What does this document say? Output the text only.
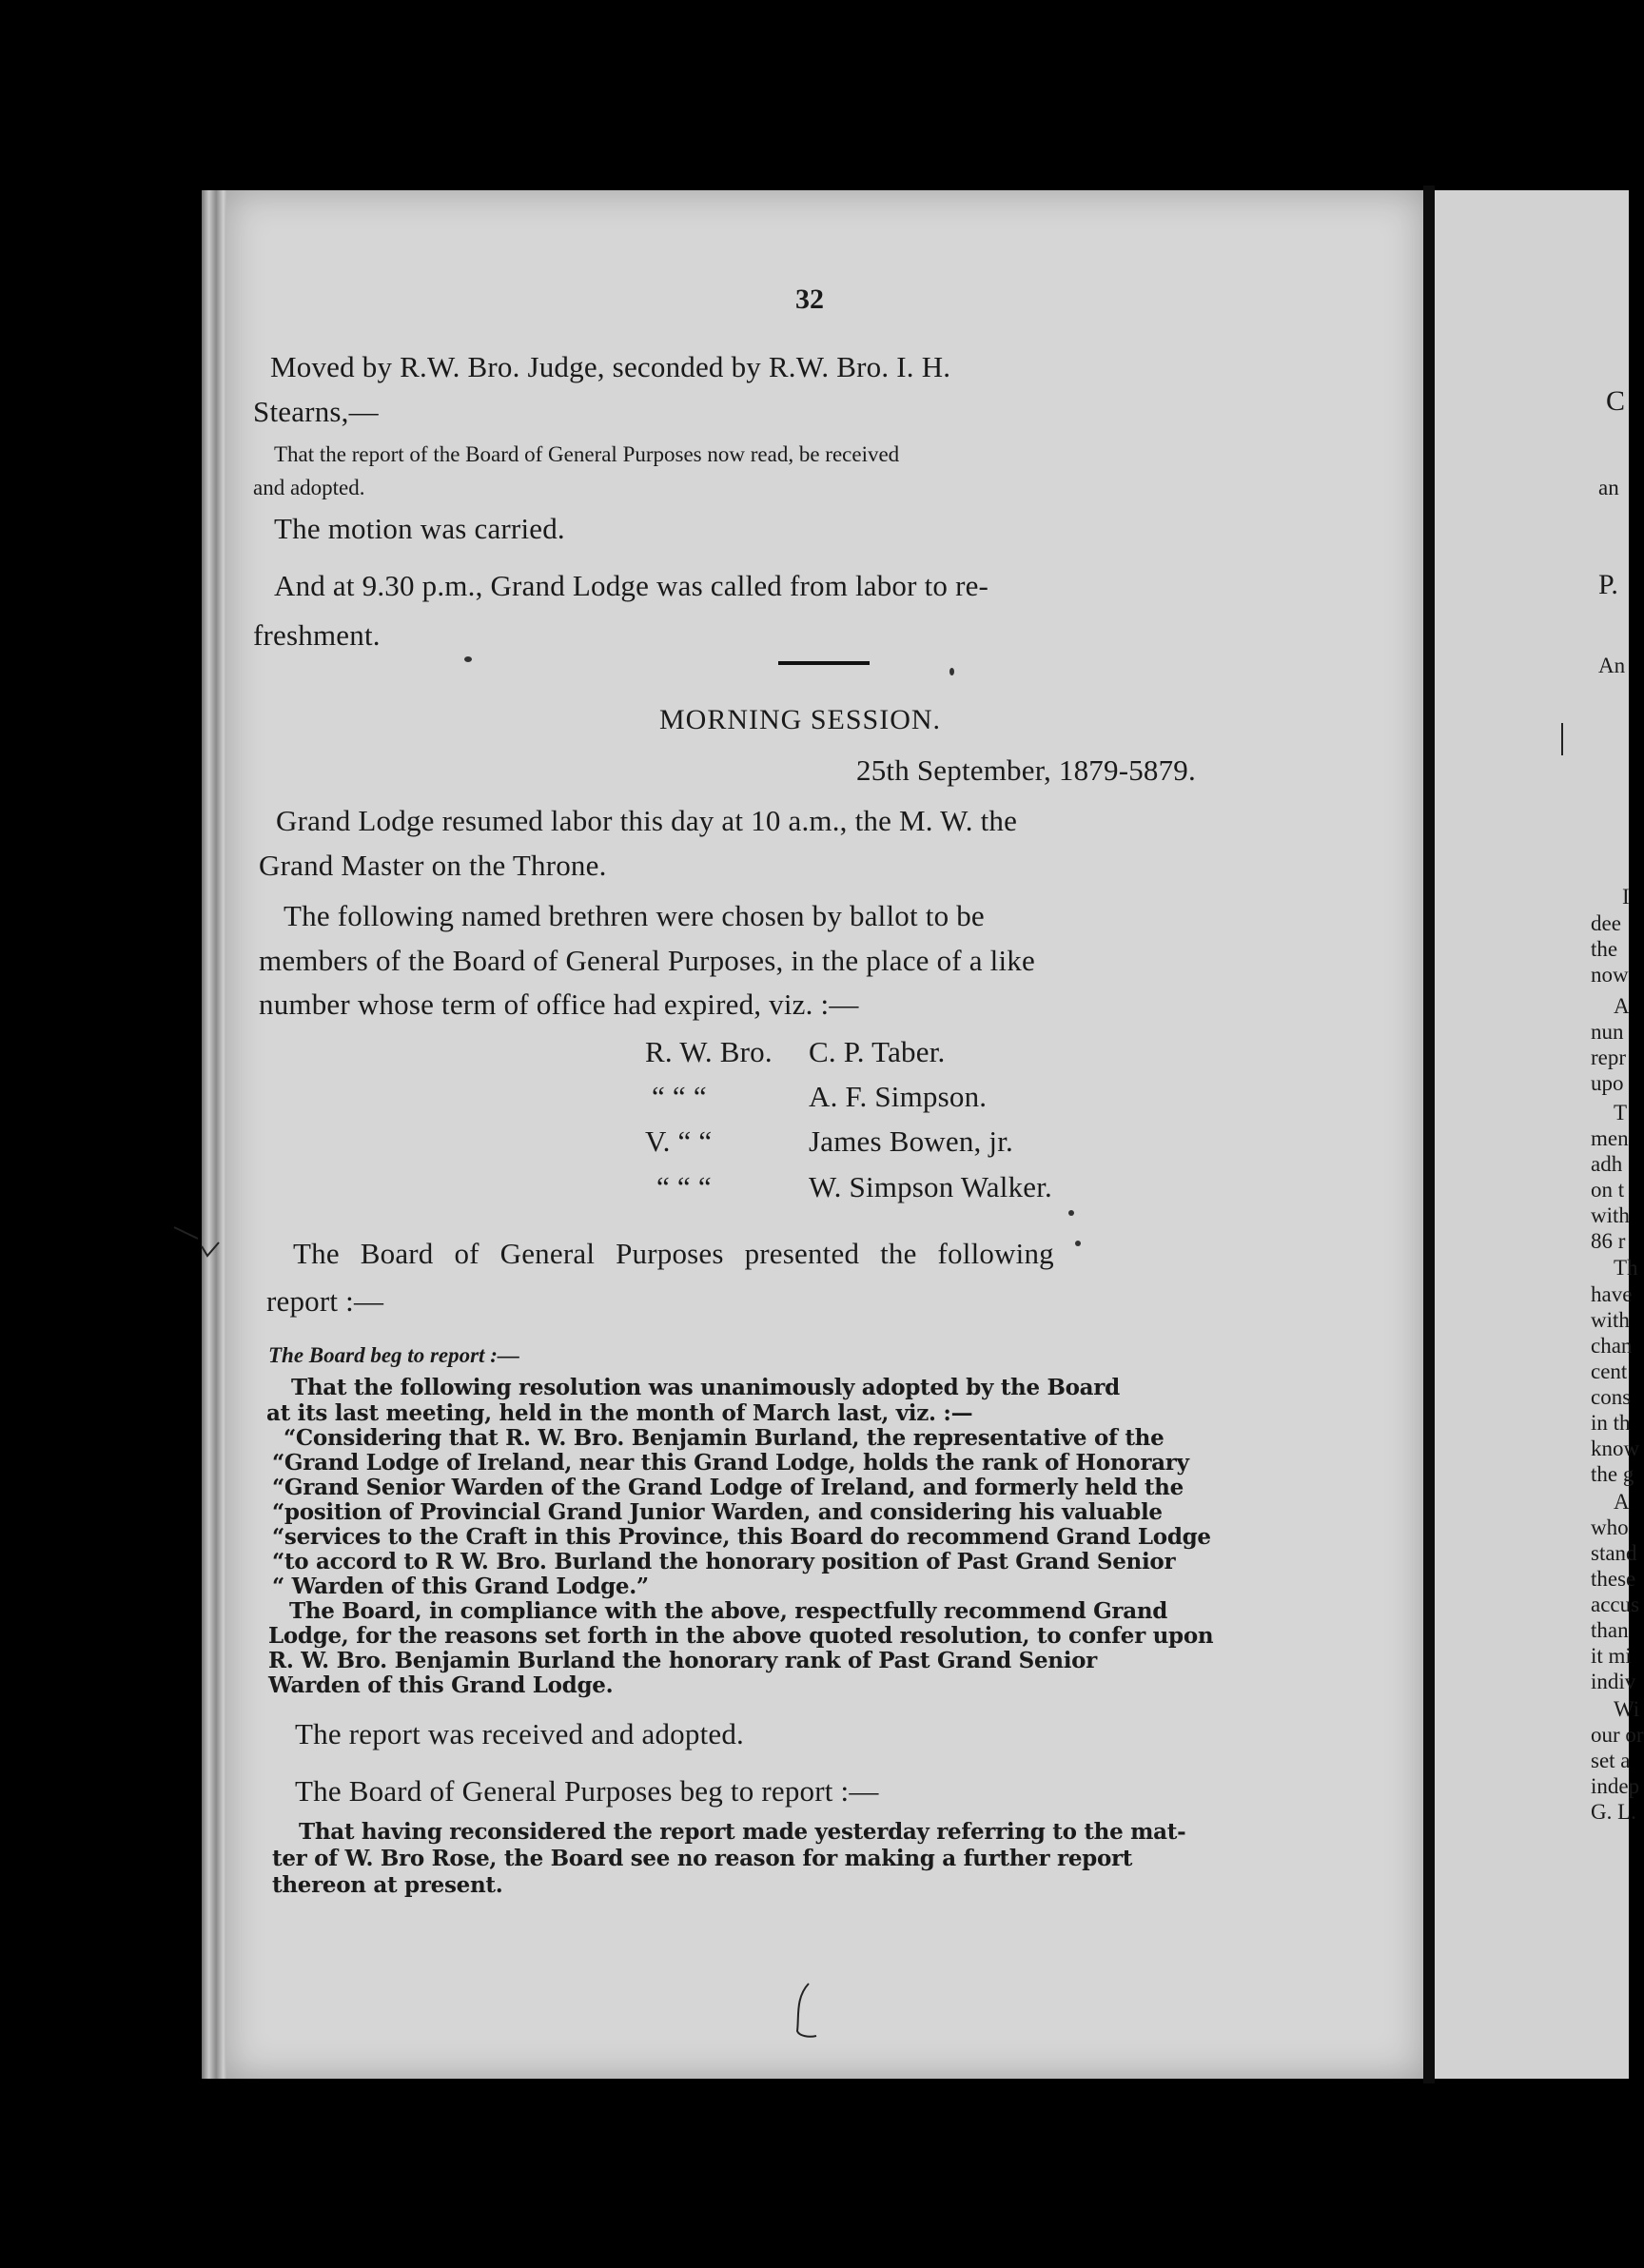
32
Moved by R.W. Bro. Judge, seconded by R.W. Bro. I. H.
Stearns,—
That the report of the Board of General Purposes now read, be received
and adopted.
The motion was carried.
And at 9.30 p.m., Grand Lodge was called from labor to re-
freshment.
MORNING SESSION.
25th September, 1879-5879.
Grand Lodge resumed labor this day at 10 a.m., the M. W. the
Grand Master on the Throne.
The following named brethren were chosen by ballot to be
members of the Board of General Purposes, in the place of a like
number whose term of office had expired, viz. :—
R. W. Bro. C. P. Taber.
“ “ “	A. F. Simpson.
V. “ “	James Bowen, jr.
“ “ “	W. Simpson Walker.
The Board of General Purposes presented the following
report :—
The Board beg to report :—
That the following resolution was unanimously adopted by the Board
at its last meeting, held in the month of March last, viz. :—
“Considering that R. W. Bro. Benjamin Burland, the representative of the
“Grand Lodge of Ireland, near this Grand Lodge, holds the rank of Honorary
“Grand Senior Warden of the Grand Lodge of Ireland, and formerly held the
“position of Provincial Grand Junior Warden, and considering his valuable
“services to the Craft in this Province, this Board do recommend Grand Lodge
“to accord to R W. Bro. Burland the honorary position of Past Grand Senior
“ Warden of this Grand Lodge.”
The Board, in compliance with the above, respectfully recommend Grand
Lodge, for the reasons set forth in the above quoted resolution, to confer upon
R. W. Bro. Benjamin Burland the honorary rank of Past Grand Senior
Warden of this Grand Lodge.
The report was received and adopted.
The Board of General Purposes beg to report :—
That having reconsidered the report made yesterday referring to the mat-
ter of W. Bro Rose, the Board see no reason for making a further report
thereon at present.
C
an
P.
An
I
dee
the
now
A
nun
repr
upo
T
men
adh
on t
with
86 r
Th
have
with
chan
cent
cons
in th
know
the g
A
who
stand
these
accus
than
it mi
indiv
Wi
our or
set a
indep
G. L.
